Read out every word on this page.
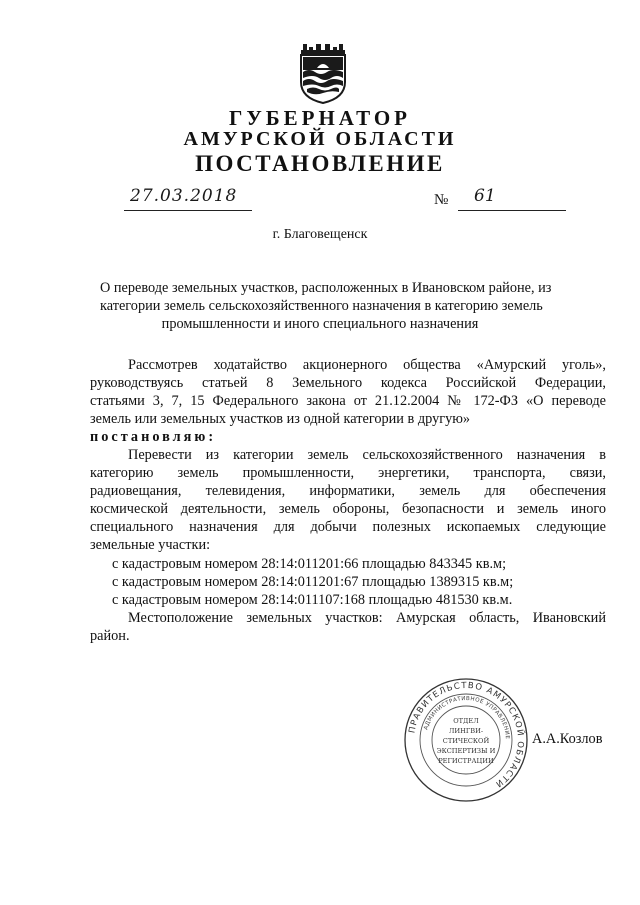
ГУБЕРНАТОР
АМУРСКОЙ ОБЛАСТИ
ПОСТАНОВЛЕНИЕ
27.03.2018	№ 61
г. Благовещенск
О переводе земельных участков, расположенных в Ивановском районе, из
категории земель сельскохозяйственного назначения в категорию земель
промышленности и иного специального назначения
Рассмотрев ходатайство акционерного общества «Амурский уголь»,
руководствуясь статьей 8 Земельного кодекса Российской Федерации,
статьями 3, 7, 15 Федерального закона от 21.12.2004 № 172-ФЗ «О переводе
земель или земельных участков из одной категории в другую»
постановляю:
Перевести из категории земель сельскохозяйственного назначения в
категорию земель промышленности, энергетики, транспорта, связи,
радиовещания, телевидения, информатики, земель для обеспечения
космической деятельности, земель обороны, безопасности и земель иного
специального назначения для добычи полезных ископаемых следующие
земельные участки:
с кадастровым номером 28:14:011201:66 площадью 843345 кв.м;
с кадастровым номером 28:14:011201:67 площадью 1389315 кв.м;
с кадастровым номером 28:14:011107:168 площадью 481530 кв.м.
Местоположение земельных участков: Амурская область, Ивановский
район.
ПРАВИТЕЛЬСТВО АМУРСКОЙ ОБЛАСТИ
АДМИНИСТРАТИВНОЕ УПРАВЛЕНИЕ
ОТДЕЛ
ЛИНГВИ-
СТИЧЕСКОЙ
ЭКСПЕРТИЗЫ И
РЕГИСТРАЦИИ
А.А.Козлов
